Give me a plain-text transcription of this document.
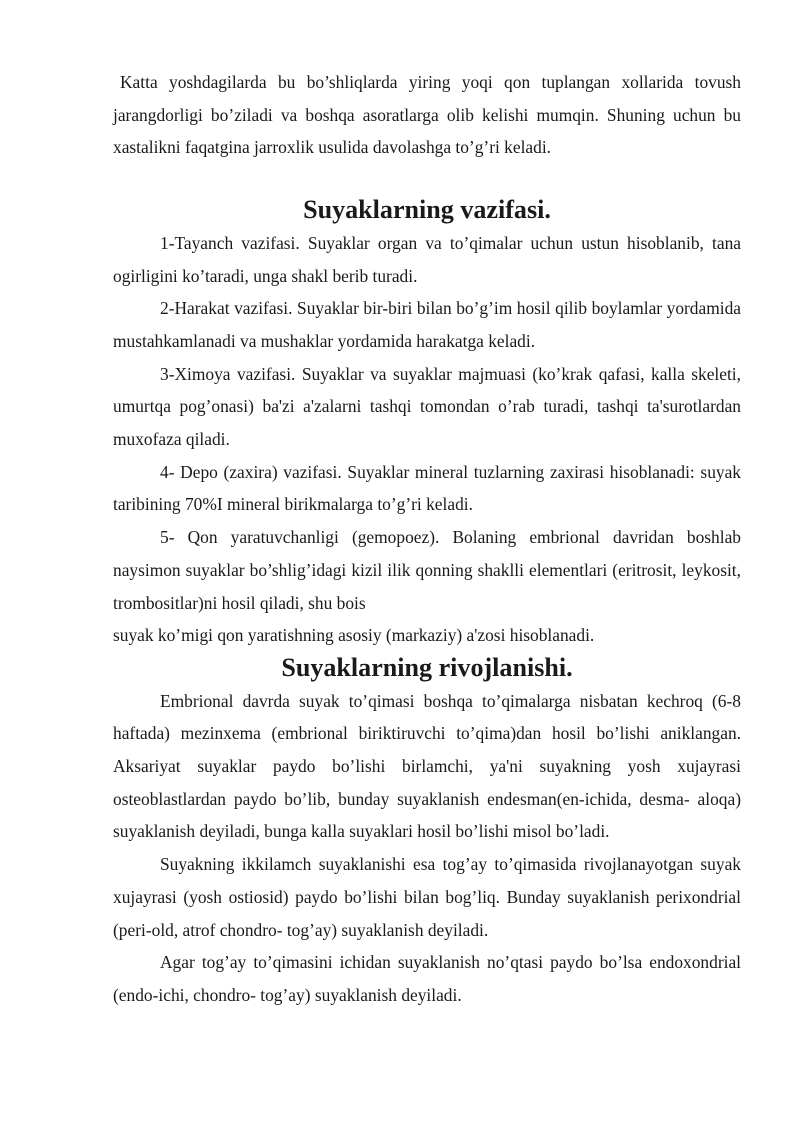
Katta yoshdagilarda bu bo’shliqlarda yiring yoqi qon tuplangan xollarida tovush jarangdorligi bo’ziladi va boshqa asoratlarga olib kelishi mumqin. Shuning uchun bu xastalikni faqatgina jarroxlik usulida davolashga to’g’ri keladi.

Suyaklarning vazifasi.

1-Tayanch vazifasi. Suyaklar organ va to’qimalar uchun ustun hisoblanib, tana ogirligini ko’taradi, unga shakl berib turadi.

2-Harakat vazifasi. Suyaklar bir-biri bilan bo’g’im hosil qilib boylamlar yordamida mustahkamlanadi va mushaklar yordamida harakatga keladi.

3-Ximoya vazifasi. Suyaklar va suyaklar majmuasi (ko’krak qafasi, kalla skeleti, umurtqa pog’onasi) ba'zi a'zalarni tashqi tomondan o’rab turadi, tashqi ta'surotlardan muxofaza qiladi.

4- Depo (zaxira) vazifasi. Suyaklar mineral tuzlarning zaxirasi hisoblanadi: suyak taribining 70%I mineral birikmalarga to’g’ri keladi.

5- Qon yaratuvchanligi (gemopoez). Bolaning embrional davridan boshlab naysimon suyaklar bo’shlig’idagi kizil ilik qonning shaklli elementlari (eritrosit, leykosit, trombositlar)ni hosil qiladi, shu bois

suyak ko’migi qon yaratishning asosiy (markaziy) a'zosi hisoblanadi.

Suyaklarning rivojlanishi.

Embrional davrda suyak to’qimasi boshqa to’qimalarga nisbatan kechroq (6-8 haftada) mezinxema (embrional biriktiruvchi to’qima)dan hosil bo’lishi aniklangan. Aksariyat suyaklar paydo bo’lishi birlamchi, ya'ni suyakning yosh xujayrasi osteoblastlardan paydo bo’lib, bunday suyaklanish endesman(en-ichida, desma- aloqa) suyaklanish deyiladi, bunga kalla suyaklari hosil bo’lishi misol bo’ladi.

Suyakning ikkilamch suyaklanishi esa tog’ay to’qimasida rivojlanayotgan suyak xujayrasi (yosh ostiosid) paydo bo’lishi bilan bog’liq. Bunday suyaklanish perixondrial (peri-old, atrof chondro- tog’ay) suyaklanish deyiladi.

Agar tog’ay to’qimasini ichidan suyaklanish no’qtasi paydo bo’lsa endoxondrial (endo-ichi, chondro- tog’ay) suyaklanish deyiladi.
